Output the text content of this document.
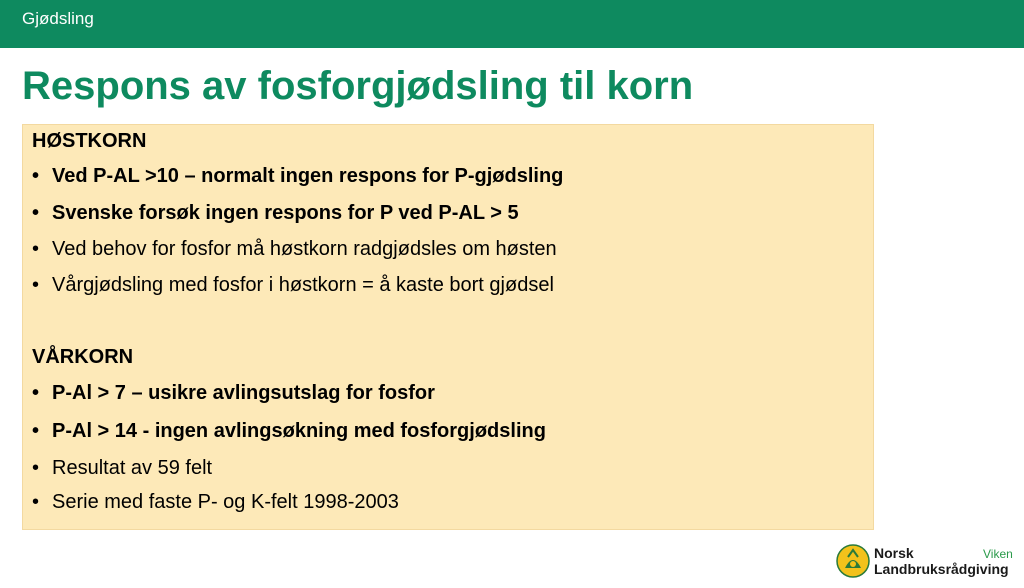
Gjødsling
Respons av fosforgjødsling til korn
HØSTKORN
• Ved P-AL >10 – normalt ingen respons for P-gjødsling
• Svenske forsøk ingen respons for P ved P-AL > 5
• Ved behov for fosfor må høstkorn radgjødsles om høsten
• Vårgjødsling med fosfor i høstkorn = å kaste bort gjødsel
VÅRKORN
• P-Al > 7 – usikre avlingsutslag for fosfor
• P-Al > 14 - ingen avlingsøkning med fosforgjødsling
• Resultat av 59 felt
• Serie med faste P- og K-felt 1998-2003
Norsk
Landbruksrådgiving
Viken
